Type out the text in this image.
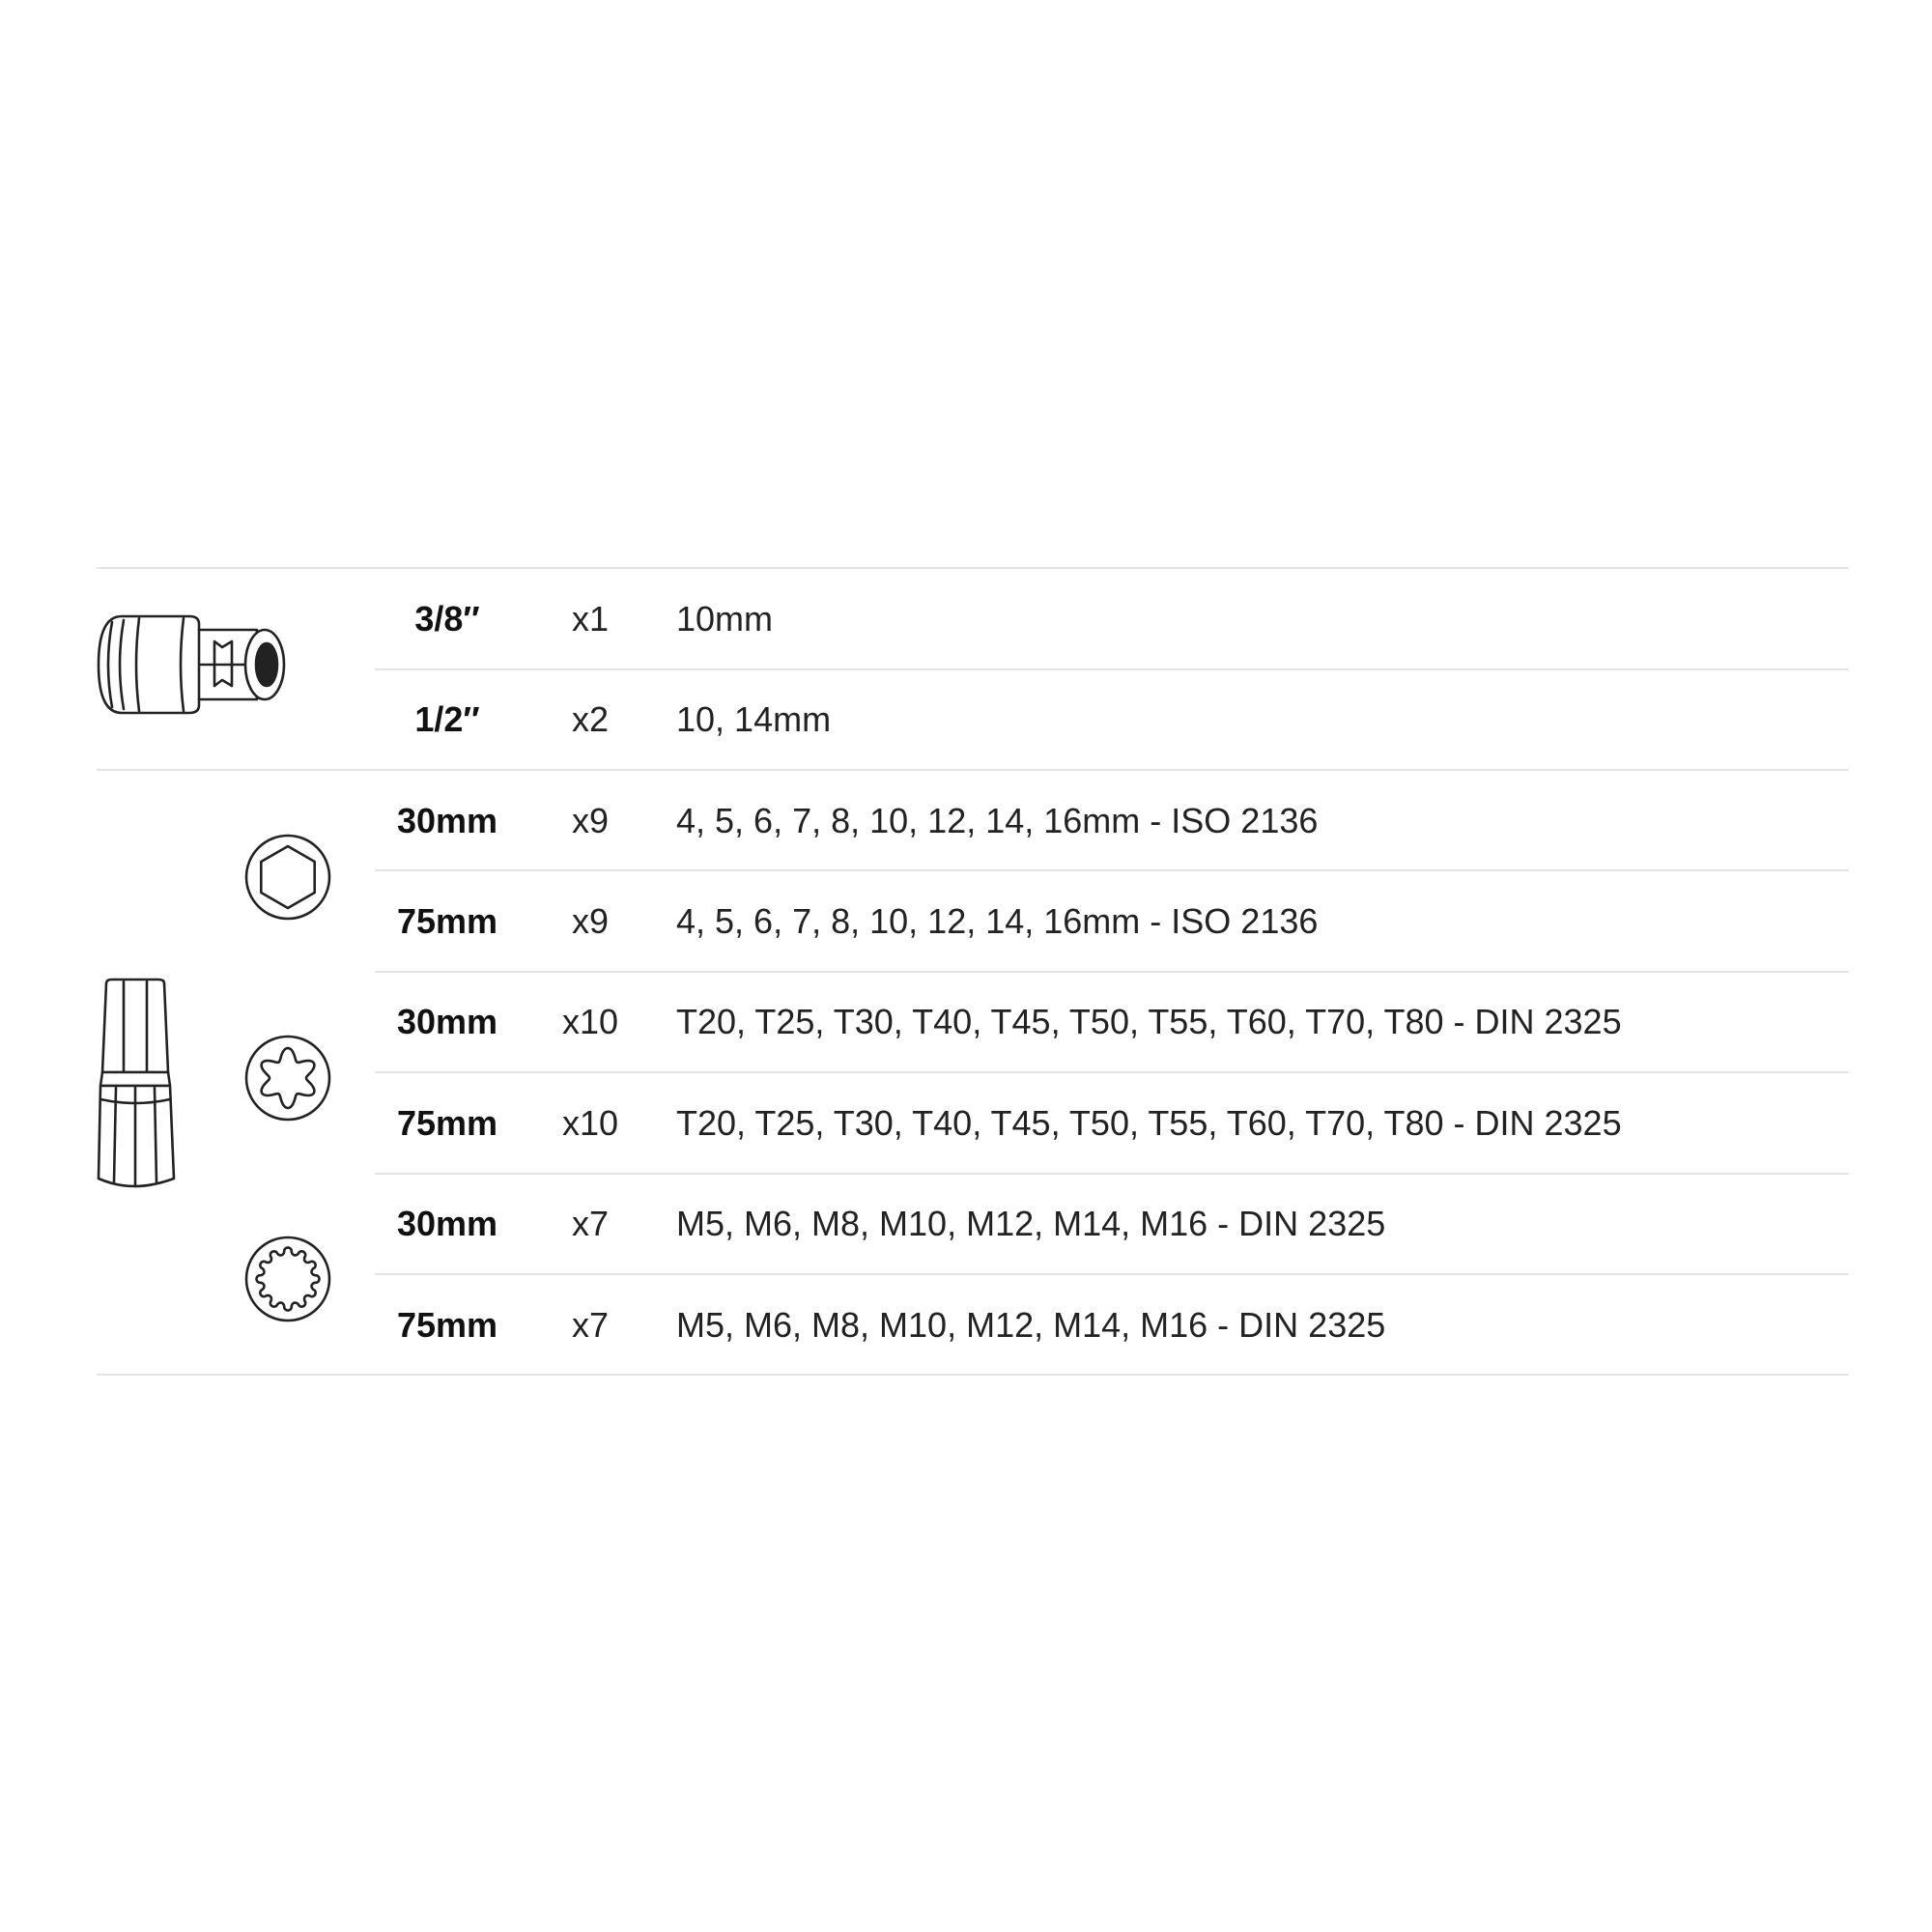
3/8″	x1	10mm
1/2″	x2	10, 14mm
30mm	x9	4, 5, 6, 7, 8, 10, 12, 14, 16mm - ISO 2136
75mm	x9	4, 5, 6, 7, 8, 10, 12, 14, 16mm - ISO 2136
30mm	x10	T20, T25, T30, T40, T45, T50, T55, T60, T70, T80 - DIN 2325
75mm	x10	T20, T25, T30, T40, T45, T50, T55, T60, T70, T80 - DIN 2325
30mm	x7	M5, M6, M8, M10, M12, M14, M16 - DIN 2325
75mm	x7	M5, M6, M8, M10, M12, M14, M16 - DIN 2325
